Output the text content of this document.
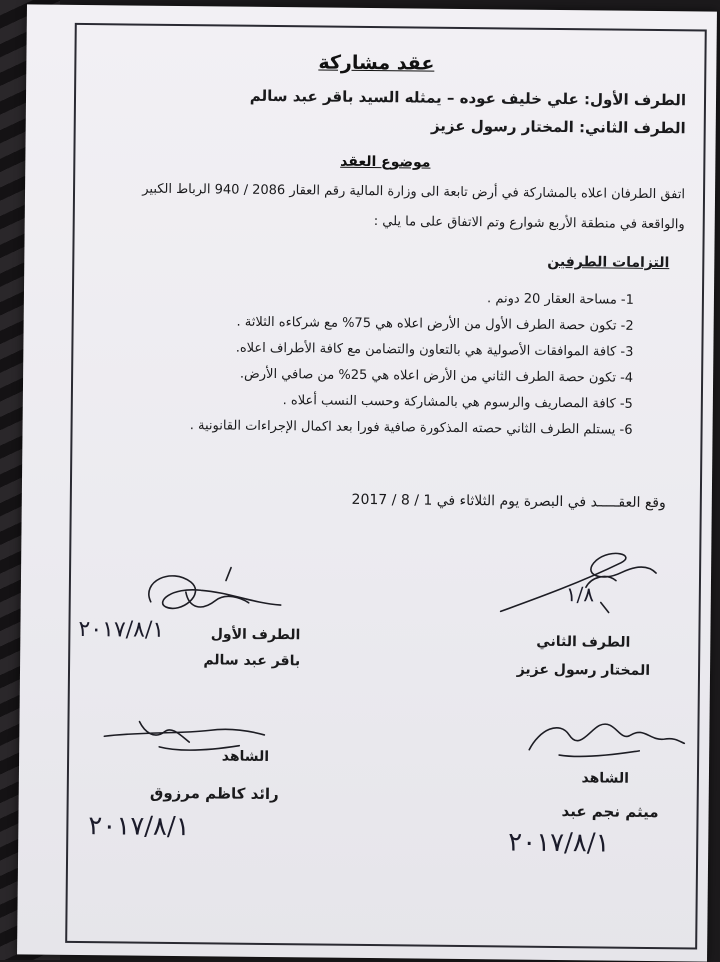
عقد مشاركة
الطرف الأول: علي خليف عوده – يمثله السيد باقر عبد سالم
الطرف الثاني: المختار رسول عزيز
موضوع العقد
اتفق الطرفان اعلاه بالمشاركة في أرض تابعة الى وزارة المالية رقم العقار 2086 / 940 الرباط الكبير
والواقعة في منطقة الأربع شوارع وتم الاتفاق على ما يلي :
التزامات الطرفين
1- مساحة العقار 20 دونم .
2- تكون حصة الطرف الأول من الأرض اعلاه هي 75% مع شركاءه الثلاثة .
3- كافة الموافقات الأصولية هي بالتعاون والتضامن مع كافة الأطراف اعلاه.
4- تكون حصة الطرف الثاني من الأرض اعلاه هي 25% من صافي الأرض.
5- كافة المصاريف والرسوم هي بالمشاركة وحسب النسب أعلاه .
6- يستلم الطرف الثاني حصته المذكورة صافية فورا بعد اكمال الإجراءات القانونية .
وقع العقـــــد في البصرة يوم الثلاثاء في 1 / 8 / 2017
٢٠١٧/٨/١	الطرف الأول
باقر عبد سالم
١/٨
الطرف الثاني
المختار رسول عزيز
الشاهد
رائد كاظم مرزوق
٢٠١٧/٨/١
الشاهد
ميثم نجم عبد
٢٠١٧/٨/١
